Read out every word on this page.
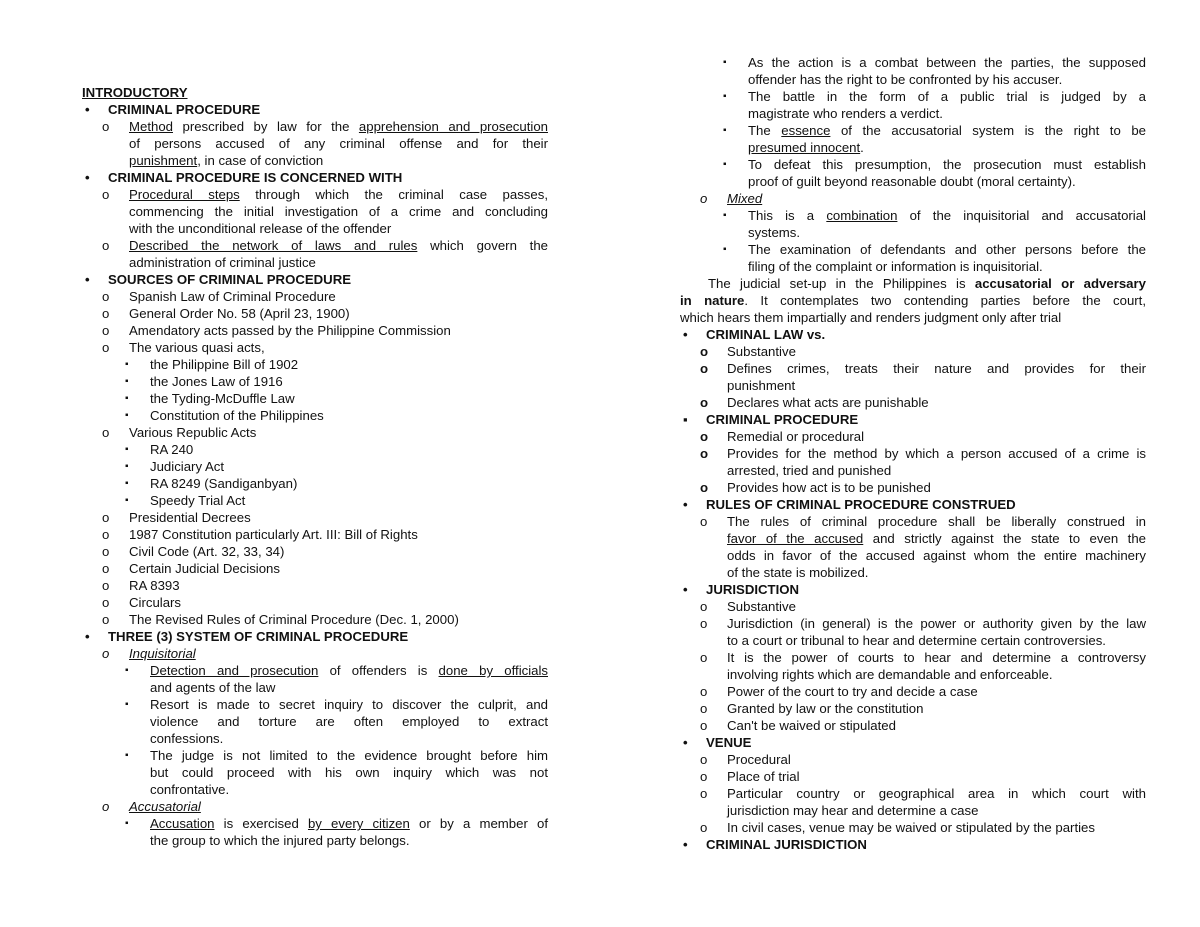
INTRODUCTORY
•	CRIMINAL PROCEDURE
o	Method prescribed by law for the apprehension and prosecution
of persons accused of any criminal offense and for their
punishment, in case of conviction
•	CRIMINAL PROCEDURE IS CONCERNED WITH
o	Procedural steps through which the criminal case passes,
commencing the initial investigation of a crime and concluding
with the unconditional release of the offender
o	Described the network of laws and rules which govern the
administration of criminal justice
•	SOURCES OF CRIMINAL PROCEDURE
o	Spanish Law of Criminal Procedure
o	General Order No. 58 (April 23, 1900)
o	Amendatory acts passed by the Philippine Commission
o	The various quasi acts,
▪	the Philippine Bill of 1902
▪	the Jones Law of 1916
▪	the Tyding-McDuffle Law
▪	Constitution of the Philippines
o	Various Republic Acts
▪	RA 240
▪	Judiciary Act
▪	RA 8249 (Sandiganbyan)
▪	Speedy Trial Act
o	Presidential Decrees
o	1987 Constitution particularly Art. III: Bill of Rights
o	Civil Code (Art. 32, 33, 34)
o	Certain Judicial Decisions
o	RA 8393
o	Circulars
o	The Revised Rules of Criminal Procedure (Dec. 1, 2000)
•	THREE (3) SYSTEM OF CRIMINAL PROCEDURE
o	Inquisitorial
▪	Detection and prosecution of offenders is done by officials
and agents of the law
▪	Resort is made to secret inquiry to discover the culprit, and
violence and torture are often employed to extract
confessions.
▪	The judge is not limited to the evidence brought before him
but could proceed with his own inquiry which was not
confrontative.
o	Accusatorial
▪	Accusation is exercised by every citizen or by a member of
the group to which the injured party belongs.
▪	As the action is a combat between the parties, the supposed
offender has the right to be confronted by his accuser.
▪	The battle in the form of a public trial is judged by a
magistrate who renders a verdict.
▪	The essence of the accusatorial system is the right to be
presumed innocent.
▪	To defeat this presumption, the prosecution must establish
proof of guilt beyond reasonable doubt (moral certainty).
o	Mixed
▪	This is a combination of the inquisitorial and accusatorial
systems.
▪	The examination of defendants and other persons before the
filing of the complaint or information is inquisitorial.
The judicial set-up in the Philippines is accusatorial or adversary
in nature. It contemplates two contending parties before the court,
which hears them impartially and renders judgment only after trial
•	CRIMINAL LAW vs.
o	Substantive
o	Defines crimes, treats their nature and provides for their
punishment
o	Declares what acts are punishable
▪	CRIMINAL PROCEDURE
o	Remedial or procedural
o	Provides for the method by which a person accused of a crime is
arrested, tried and punished
o	Provides how act is to be punished
•	RULES OF CRIMINAL PROCEDURE CONSTRUED
o	The rules of criminal procedure shall be liberally construed in
favor of the accused and strictly against the state to even the
odds in favor of the accused against whom the entire machinery
of the state is mobilized.
•	JURISDICTION
o	Substantive
o	Jurisdiction (in general) is the power or authority given by the law
to a court or tribunal to hear and determine certain controversies.
o	It is the power of courts to hear and determine a controversy
involving rights which are demandable and enforceable.
o	Power of the court to try and decide a case
o	Granted by law or the constitution
o	Can't be waived or stipulated
•	VENUE
o	Procedural
o	Place of trial
o	Particular country or geographical area in which court with
jurisdiction may hear and determine a case
o	In civil cases, venue may be waived or stipulated by the parties
•	CRIMINAL JURISDICTION
